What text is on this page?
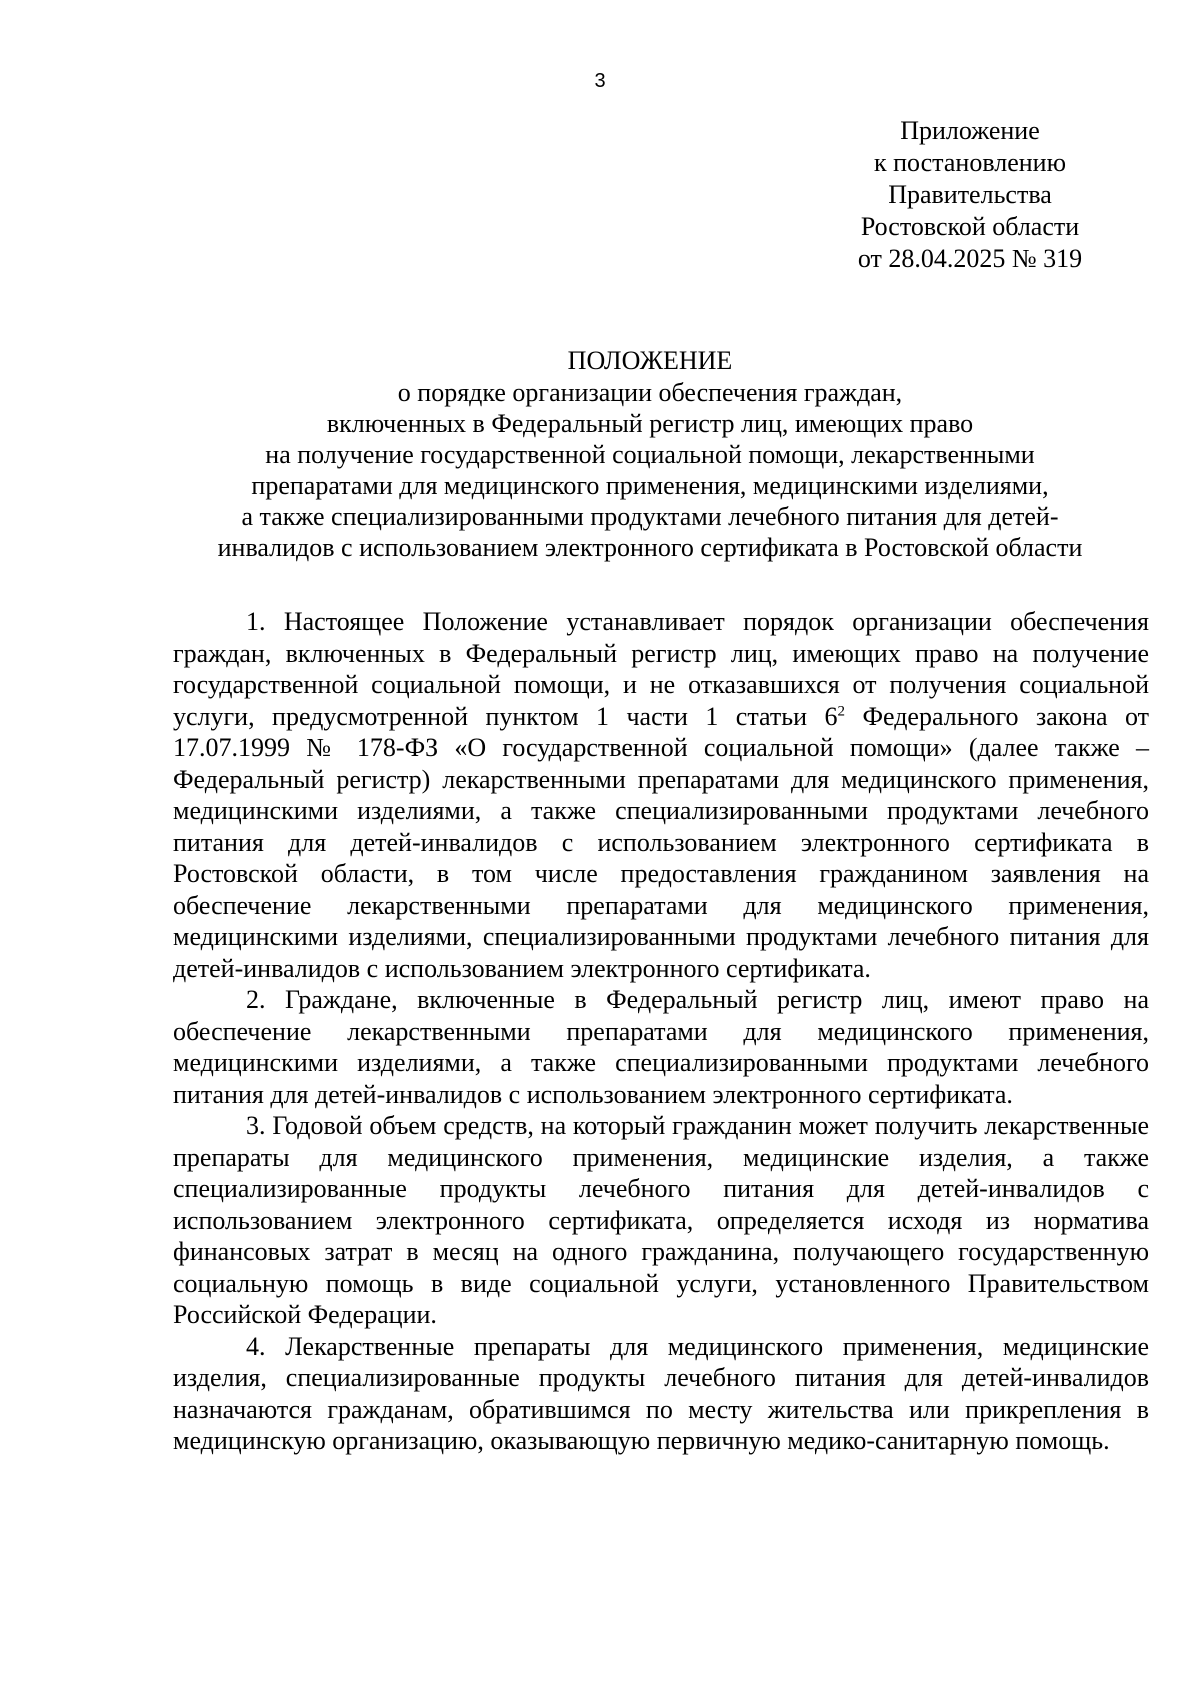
3
Приложение
к постановлению
Правительства
Ростовской области
от 28.04.2025 № 319
ПОЛОЖЕНИЕ
о порядке организации обеспечения граждан,
включенных в Федеральный регистр лиц, имеющих право
на получение государственной социальной помощи, лекарственными
препаратами для медицинского применения, медицинскими изделиями,
а также специализированными продуктами лечебного питания для детей-
инвалидов с использованием электронного сертификата в Ростовской области

1. Настоящее Положение устанавливает порядок организации обеспечения граждан, включенных в Федеральный регистр лиц, имеющих право на получение государственной социальной помощи, и не отказавшихся от получения социальной услуги, предусмотренной пунктом 1 части 1 статьи $6^2$ Федерального закона от 17.07.1999 № 178-ФЗ «О государственной социальной помощи» (далее также – Федеральный регистр) лекарственными препаратами для медицинского применения, медицинскими изделиями, а также специализированными продуктами лечебного питания для детей-инвалидов с использованием электронного сертификата в Ростовской области, в том числе предоставления гражданином заявления на обеспечение лекарственными препаратами для медицинского применения, медицинскими изделиями, специализированными продуктами лечебного питания для детей-инвалидов с использованием электронного сертификата.

2. Граждане, включенные в Федеральный регистр лиц, имеют право на обеспечение лекарственными препаратами для медицинского применения, медицинскими изделиями, а также специализированными продуктами лечебного питания для детей-инвалидов с использованием электронного сертификата.

3. Годовой объем средств, на который гражданин может получить лекарственные препараты для медицинского применения, медицинские изделия, а также специализированные продукты лечебного питания для детей-инвалидов с использованием электронного сертификата, определяется исходя из норматива финансовых затрат в месяц на одного гражданина, получающего государственную социальную помощь в виде социальной услуги, установленного Правительством Российской Федерации.

4. Лекарственные препараты для медицинского применения, медицинские изделия, специализированные продукты лечебного питания для детей-инвалидов назначаются гражданам, обратившимся по месту жительства или прикрепления в медицинскую организацию, оказывающую первичную медико-санитарную помощь.
